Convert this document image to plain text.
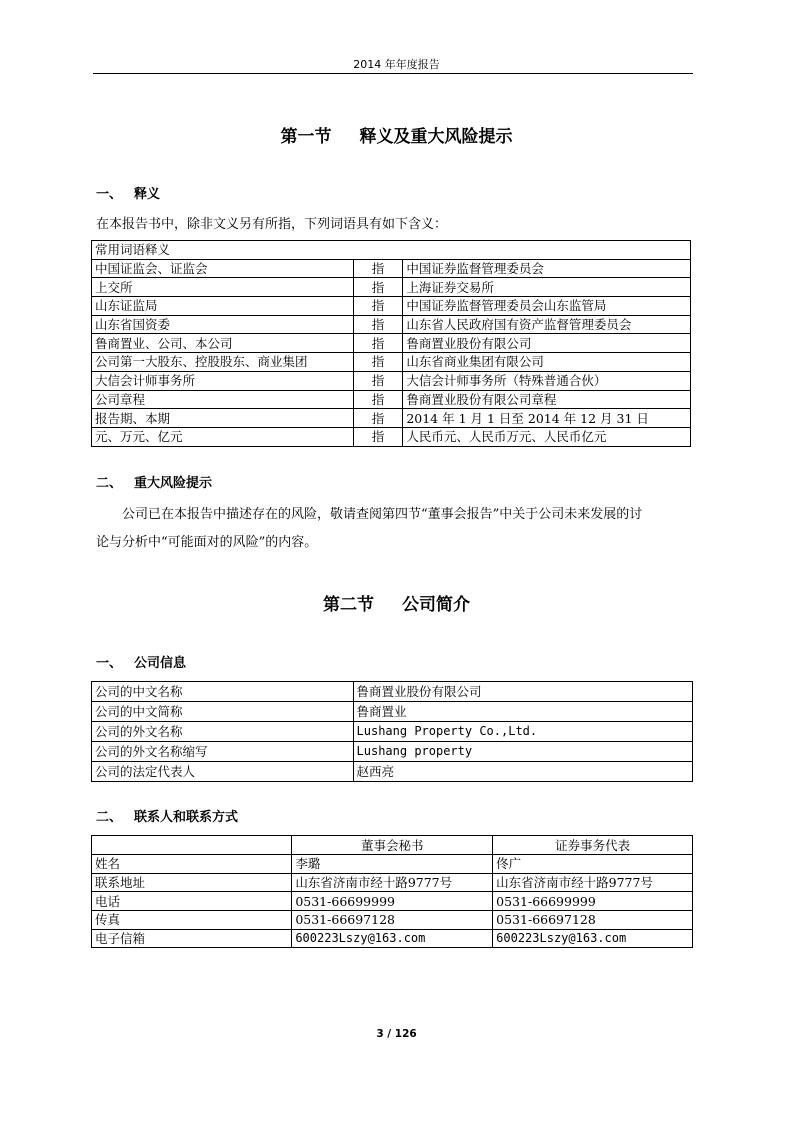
2014 年年度报告
第一节 释义及重大风险提示
一、 释义
在本报告书中，除非文义另有所指，下列词语具有如下含义：
常用词语释义		
中国证监会、证监会	指	中国证券监督管理委员会
上交所	指	上海证券交易所
山东证监局	指	中国证券监督管理委员会山东监管局
山东省国资委	指	山东省人民政府国有资产监督管理委员会
鲁商置业、公司、本公司	指	鲁商置业股份有限公司
公司第一大股东、控股股东、商业集团	指	山东省商业集团有限公司
大信会计师事务所	指	大信会计师事务所（特殊普通合伙）
公司章程	指	鲁商置业股份有限公司章程
报告期、本期	指	2014 年 1 月 1 日至 2014 年 12 月 31 日
元、万元、亿元	指	人民币元、人民币万元、人民币亿元
二、 重大风险提示
公司已在本报告中描述存在的风险，敬请查阅第四节“董事会报告”中关于公司未来发展的讨
论与分析中“可能面对的风险”的内容。
第二节 公司简介
一、 公司信息
公司的中文名称	鲁商置业股份有限公司
公司的中文简称	鲁商置业
公司的外文名称	Lushang Property Co.,Ltd.
公司的外文名称缩写	Lushang property
公司的法定代表人	赵西亮
二、 联系人和联系方式
	董事会秘书	证券事务代表
姓名	李璐	佟广
联系地址	山东省济南市经十路9777号	山东省济南市经十路9777号
电话	0531-66699999	0531-66699999
传真	0531-66697128	0531-66697128
电子信箱	600223Lszy@163.com	600223Lszy@163.com
3 / 126
